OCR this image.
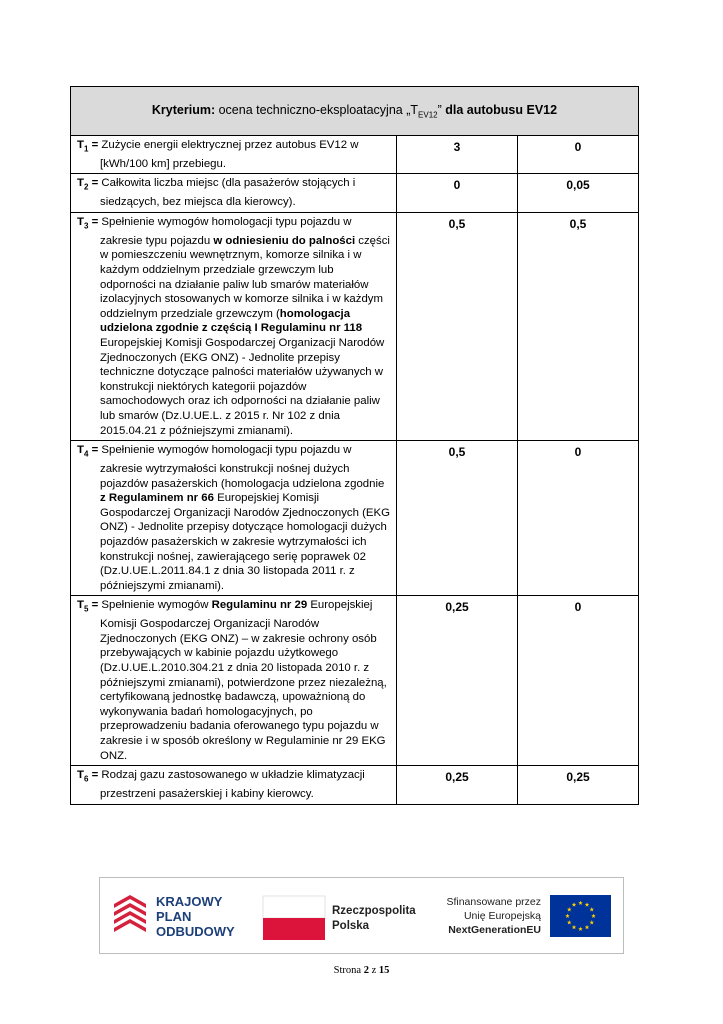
Kryterium: ocena techniczno-eksploatacyjna $„T_{EV12}$” dla autobusu EV12		

$T_1$ = Zużycie energii elektrycznej przez autobus EV12 w [kWh/100 km] przebiegu.	3	0

$T_2$ = Całkowita liczba miejsc (dla pasażerów stojących i siedzących, bez miejsca dla kierowcy).	0	0,05

$T_3$ = Spełnienie wymogów homologacji typu pojazdu w zakresie typu pojazdu w odniesieniu do palności części w pomieszczeniu wewnętrznym, komorze silnika i w każdym oddzielnym przedziale grzewczym lub odporności na działanie paliw lub smarów materiałów izolacyjnych stosowanych w komorze silnika i w każdym oddzielnym przedziale grzewczym (homologacja udzielona zgodnie z częścią I Regulaminu nr 118 Europejskiej Komisji Gospodarczej Organizacji Narodów Zjednoczonych (EKG ONZ) - Jednolite przepisy techniczne dotyczące palności materiałów używanych w konstrukcji niektórych kategorii pojazdów samochodowych oraz ich odporności na działanie paliw lub smarów (Dz.U.UE.L. z 2015 r. Nr 102 z dnia 2015.04.21 z późniejszymi zmianami).	0,5	0,5

$T_4$ = Spełnienie wymogów homologacji typu pojazdu w zakresie wytrzymałości konstrukcji nośnej dużych pojazdów pasażerskich (homologacja udzielona zgodnie z Regulaminem nr 66 Europejskiej Komisji Gospodarczej Organizacji Narodów Zjednoczonych (EKG ONZ) - Jednolite przepisy dotyczące homologacji dużych pojazdów pasażerskich w zakresie wytrzymałości ich konstrukcji nośnej, zawierającego serię poprawek 02 (Dz.U.UE.L.2011.84.1 z dnia 30 listopada 2011 r. z późniejszymi zmianami).	0,5	0

$T_5$ = Spełnienie wymogów Regulaminu nr 29 Europejskiej Komisji Gospodarczej Organizacji Narodów Zjednoczonych (EKG ONZ) – w zakresie ochrony osób przebywających w kabinie pojazdu użytkowego (Dz.U.UE.L.2010.304.21 z dnia 20 listopada 2010 r. z późniejszymi zmianami), potwierdzone przez niezależną, certyfikowaną jednostkę badawczą, upoważnioną do wykonywania badań homologacyjnych, po przeprowadzeniu badania oferowanego typu pojazdu w zakresie i w sposób określony w Regulaminie nr 29 EKG ONZ.	0,25	0

$T_6$ = Rodzaj gazu zastosowanego w układzie klimatyzacji przestrzeni pasażerskiej i kabiny kierowcy.	0,25	0,25
KRAJOWY
PLAN
ODBUDOWY
Rzeczpospolita
Polska
Sfinansowane przez
Unię Europejską
NextGenerationEU
Strona 2 z 15
